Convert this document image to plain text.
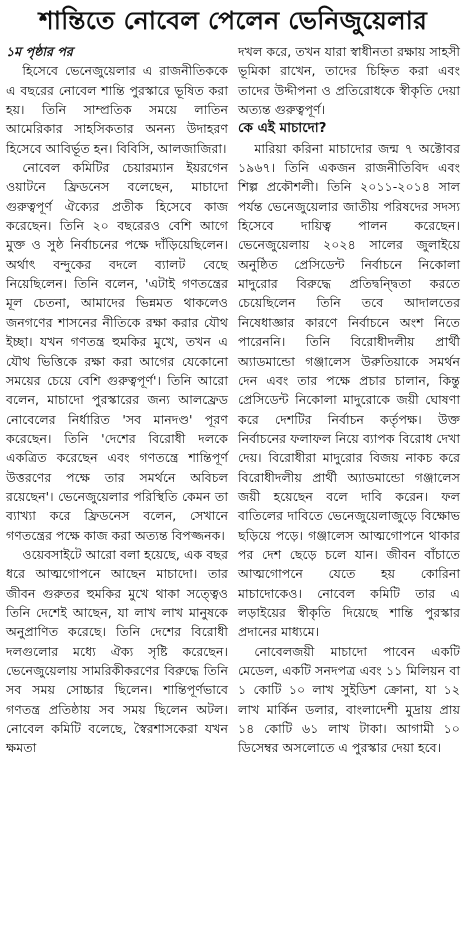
শান্তিতে নোবেল পেলেন ভেনিজুয়েলার

১ম পৃষ্ঠার পর

হিসেবে ভেনেজুয়েলার এ রাজনীতিককে এ বছরের নোবেল শান্তি পুরস্কারে ভূষিত করা হয়। তিনি সাম্প্রতিক সময়ে লাতিন আমেরিকার সাহসিকতার অনন্য উদাহরণ হিসেবে আবির্ভূত হন। বিবিসি, আলজাজিরা।

নোবেল কমিটির চেয়ারম্যান ইয়রগেন ওয়াটনে ফ্রিডনেস বলেছেন, মাচাদো গুরুত্বপূর্ণ ঐক্যের প্রতীক হিসেবে কাজ করেছেন। তিনি ২০ বছরেরও বেশি আগে মুক্ত ও সুষ্ঠ নির্বাচনের পক্ষে দাঁড়িয়েছিলেন। অর্থাৎ বন্দুকের বদলে ব্যালট বেছে নিয়েছিলেন। তিনি বলেন, 'এটাই গণতন্ত্রের মূল চেতনা, আমাদের ভিন্নমত থাকলেও জনগণের শাসনের নীতিকে রক্ষা করার যৌথ ইচ্ছা। যখন গণতন্ত্র হুমকির মুখে, তখন এ যৌথ ভিত্তিকে রক্ষা করা আগের যেকোনো সময়ের চেয়ে বেশি গুরুত্বপূর্ণ'। তিনি আরো বলেন, মাচাদো পুরস্কারের জন্য আলফ্রেড নোবেলের নির্ধারিত 'সব মানদণ্ড' পূরণ করেছেন। তিনি 'দেশের বিরোধী দলকে একত্রিত করেছেন এবং গণতন্ত্রে শান্তিপূর্ণ উত্তরণের পক্ষে তার সমর্থনে অবিচল রয়েছেন'। ভেনেজুয়েলার পরিস্থিতি কেমন তা ব্যাখ্যা করে ফ্রিডনেস বলেন, সেখানে গণতন্ত্রের পক্ষে কাজ করা অত্যন্ত বিপজ্জনক।

ওয়েবসাইটে আরো বলা হয়েছে, এক বছর ধরে আত্মগোপনে আছেন মাচাদো। তার জীবন গুরুতর হুমকির মুখে থাকা সত্ত্বেও তিনি দেশেই আছেন, যা লাখ লাখ মানুষকে অনুপ্রাণিত করেছে। তিনি দেশের বিরোধী দলগুলোর মধ্যে ঐক্য সৃষ্টি করেছেন। ভেনেজুয়েলায় সামরিকীকরণের বিরুদ্ধে তিনি সব সময় সোচ্চার ছিলেন। শান্তিপূর্ণভাবে গণতন্ত্র প্রতিষ্ঠায় সব সময় ছিলেন অটল। নোবেল কমিটি বলেছে, স্বৈরশাসকেরা যখন ক্ষমতা

দখল করে, তখন যারা স্বাধীনতা রক্ষায় সাহসী ভূমিকা রাখেন, তাদের চিহ্নিত করা এবং তাদের উদ্দীপনা ও প্রতিরোধকে স্বীকৃতি দেয়া অত্যন্ত গুরুত্বপূর্ণ।

কে এই মাচাদো?

মারিয়া করিনা মাচাদোর জন্ম ৭ অক্টোবর ১৯৬৭। তিনি একজন রাজনীতিবিদ এবং শিল্প প্রকৌশলী। তিনি ২০১১-২০১৪ সাল পর্যন্ত ভেনেজুয়েলার জাতীয় পরিষদের সদস্য হিসেবে দায়িত্ব পালন করেছেন। ভেনেজুয়েলায় ২০২৪ সালের জুলাইয়ে অনুষ্ঠিত প্রেসিডেন্ট নির্বাচনে নিকোলা মাদুরোর বিরুদ্ধে প্রতিদ্বন্দ্বিতা করতে চেয়েছিলেন তিনি তবে আদালতের নিষেধাজ্ঞার কারণে নির্বাচনে অংশ নিতে পারেননি। তিনি বিরোধীদলীয় প্রার্থী অ্যাডমান্ডো গঞ্জালেস উরুতিয়াকে সমর্থন দেন এবং তার পক্ষে প্রচার চালান, কিন্তু প্রেসিডেন্ট নিকোলা মাদুরোকে জয়ী ঘোষণা করে দেশটির নির্বাচন কর্তৃপক্ষ। উক্ত নির্বাচনের ফলাফল নিয়ে ব্যাপক বিরোধ দেখা দেয়। বিরোধীরা মাদুরোর বিজয় নাকচ করে বিরোধীদলীয় প্রার্থী অ্যাডমান্ডো গঞ্জালেস জয়ী হয়েছেন বলে দাবি করেন। ফল বাতিলের দাবিতে ভেনেজুয়েলাজুড়ে বিক্ষোভ ছড়িয়ে পড়ে। গঞ্জালেস আত্মগোপনে থাকার পর দেশ ছেড়ে চলে যান। জীবন বাঁচাতে আত্মগোপনে যেতে হয় কোরিনা মাচাদোকেও। নোবেল কমিটি তার এ লড়াইয়ের স্বীকৃতি দিয়েছে শান্তি পুরস্কার প্রদানের মাধ্যমে।

নোবেলজয়ী মাচাদো পাবেন একটি মেডেল, একটি সনদপত্র এবং ১১ মিলিয়ন বা ১ কোটি ১০ লাখ সুইডিশ ক্রোনা, যা ১২ লাখ মার্কিন ডলার, বাংলাদেশী মুদ্রায় প্রায় ১৪ কোটি ৬১ লাখ টাকা। আগামী ১০ ডিসেম্বর অসলোতে এ পুরস্কার দেয়া হবে।
